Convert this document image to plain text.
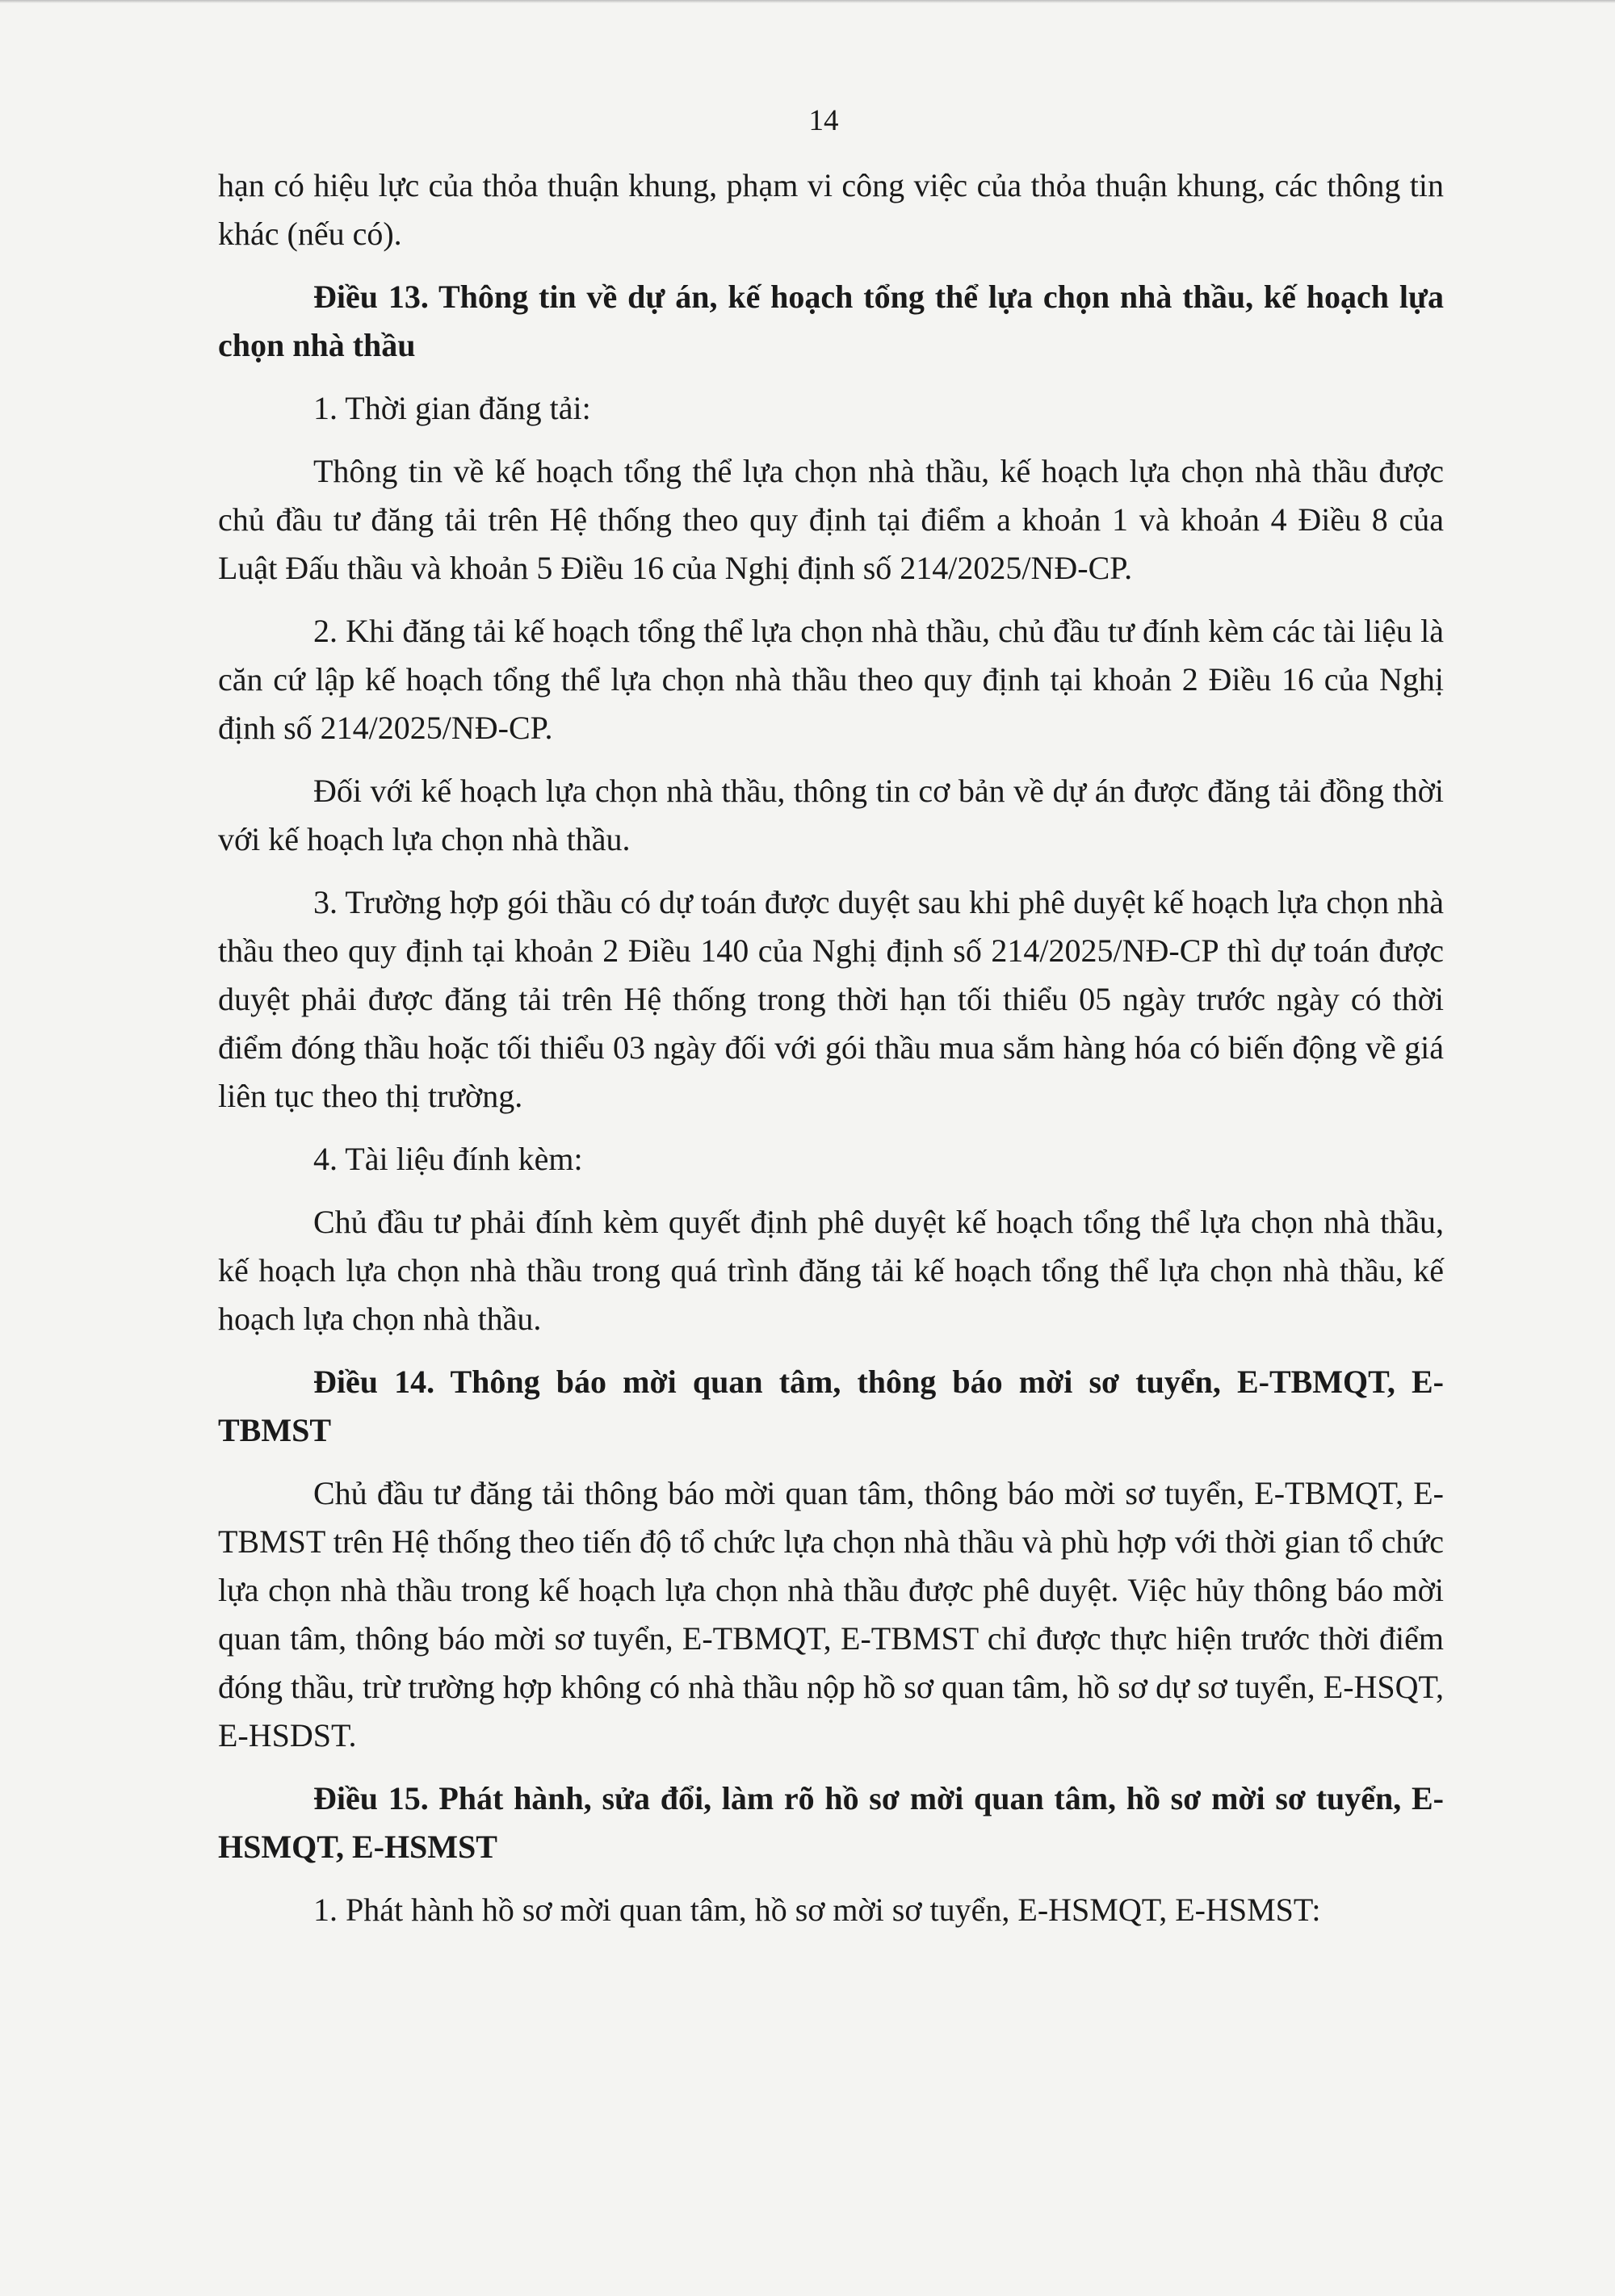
14

hạn có hiệu lực của thỏa thuận khung, phạm vi công việc của thỏa thuận khung, các thông tin khác (nếu có).

Điều 13. Thông tin về dự án, kế hoạch tổng thể lựa chọn nhà thầu, kế hoạch lựa chọn nhà thầu

1. Thời gian đăng tải:

Thông tin về kế hoạch tổng thể lựa chọn nhà thầu, kế hoạch lựa chọn nhà thầu được chủ đầu tư đăng tải trên Hệ thống theo quy định tại điểm a khoản 1 và khoản 4 Điều 8 của Luật Đấu thầu và khoản 5 Điều 16 của Nghị định số 214/2025/NĐ-CP.

2. Khi đăng tải kế hoạch tổng thể lựa chọn nhà thầu, chủ đầu tư đính kèm các tài liệu là căn cứ lập kế hoạch tổng thể lựa chọn nhà thầu theo quy định tại khoản 2 Điều 16 của Nghị định số 214/2025/NĐ-CP.

Đối với kế hoạch lựa chọn nhà thầu, thông tin cơ bản về dự án được đăng tải đồng thời với kế hoạch lựa chọn nhà thầu.

3. Trường hợp gói thầu có dự toán được duyệt sau khi phê duyệt kế hoạch lựa chọn nhà thầu theo quy định tại khoản 2 Điều 140 của Nghị định số 214/2025/NĐ-CP thì dự toán được duyệt phải được đăng tải trên Hệ thống trong thời hạn tối thiểu 05 ngày trước ngày có thời điểm đóng thầu hoặc tối thiểu 03 ngày đối với gói thầu mua sắm hàng hóa có biến động về giá liên tục theo thị trường.

4. Tài liệu đính kèm:

Chủ đầu tư phải đính kèm quyết định phê duyệt kế hoạch tổng thể lựa chọn nhà thầu, kế hoạch lựa chọn nhà thầu trong quá trình đăng tải kế hoạch tổng thể lựa chọn nhà thầu, kế hoạch lựa chọn nhà thầu.

Điều 14. Thông báo mời quan tâm, thông báo mời sơ tuyển, E-TBMQT, E-TBMST

Chủ đầu tư đăng tải thông báo mời quan tâm, thông báo mời sơ tuyển, E-TBMQT, E-TBMST trên Hệ thống theo tiến độ tổ chức lựa chọn nhà thầu và phù hợp với thời gian tổ chức lựa chọn nhà thầu trong kế hoạch lựa chọn nhà thầu được phê duyệt. Việc hủy thông báo mời quan tâm, thông báo mời sơ tuyển, E-TBMQT, E-TBMST chỉ được thực hiện trước thời điểm đóng thầu, trừ trường hợp không có nhà thầu nộp hồ sơ quan tâm, hồ sơ dự sơ tuyển, E-HSQT, E-HSDST.

Điều 15. Phát hành, sửa đổi, làm rõ hồ sơ mời quan tâm, hồ sơ mời sơ tuyển, E-HSMQT, E-HSMST

1. Phát hành hồ sơ mời quan tâm, hồ sơ mời sơ tuyển, E-HSMQT, E-HSMST:
